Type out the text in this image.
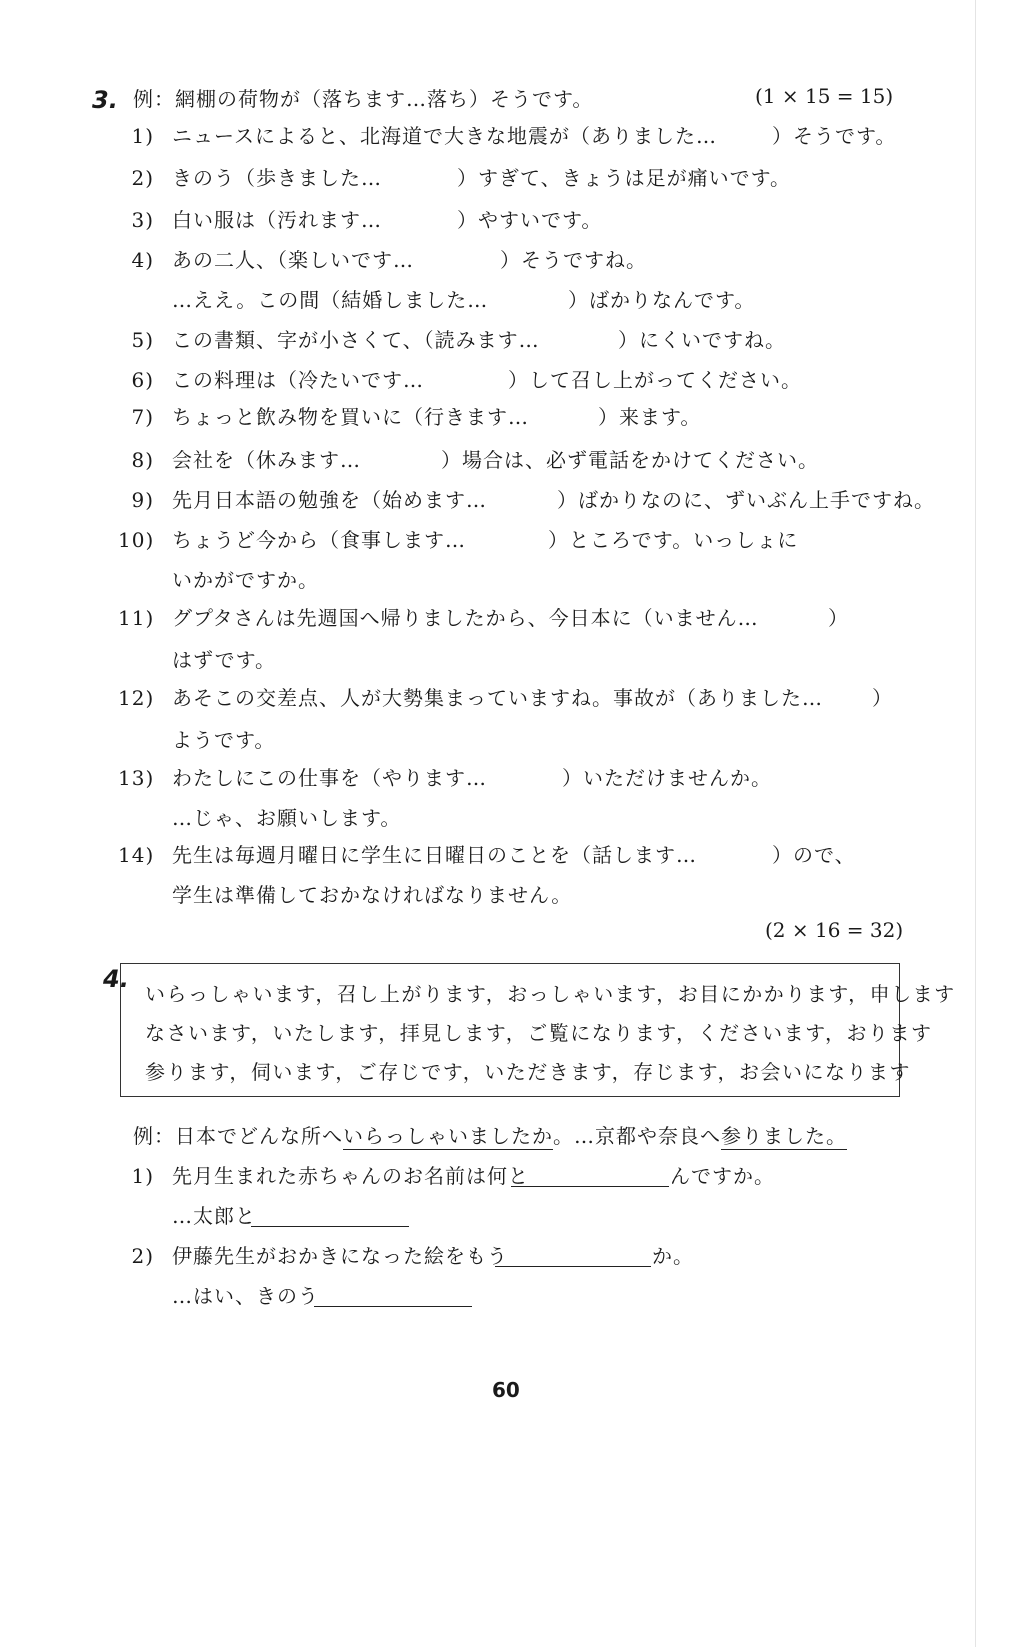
3. 例：網棚の荷物が（落ちます…落ち）そうです。	(1 × 15 = 15)
1) ニュースによると、北海道で大きな地震が（ありました…	）そうです。
2) きのう（歩きました…	）すぎて、きょうは足が痛いです。
3) 白い服は（汚れます…	）やすいです。
4) あの二人、（楽しいです…	）そうですね。
…ええ。この間（結婚しました…	）ばかりなんです。
5) この書類、字が小さくて、（読みます…	）にくいですね。
6) この料理は（冷たいです…	）して召し上がってください。
7) ちょっと飲み物を買いに（行きます…	）来ます。
8) 会社を（休みます…	）場合は、必ず電話をかけてください。
9) 先月日本語の勉強を（始めます…	）ばかりなのに、ずいぶん上手ですね。
10) ちょうど今から（食事します…	）ところです。いっしょに
いかがですか。
11) グプタさんは先週国へ帰りましたから、今日本に（いません…	）
はずです。
12) あそこの交差点、人が大勢集まっていますね。事故が（ありました… ）
ようです。
13) わたしにこの仕事を（やります…	）いただけませんか。
…じゃ、お願いします。
14) 先生は毎週月曜日に学生に日曜日のことを（話します…	）ので、
学生は準備しておかなければなりません。
(2 × 16 = 32)
4.
いらっしゃいます，召し上がります，おっしゃいます，お目にかかります，申します
なさいます，いたします，拝見します，ご覧になります，くださいます，おります
参ります，伺います，ご存じです，いただきます，存じます，お会いになります
例：日本でどんな所へいらっしゃいましたか。…京都や奈良へ参りました。
1) 先月生まれた赤ちゃんのお名前は何と	んですか。
…太郎と
2) 伊藤先生がおかきになった絵をもう	か。
…はい、きのう
60
